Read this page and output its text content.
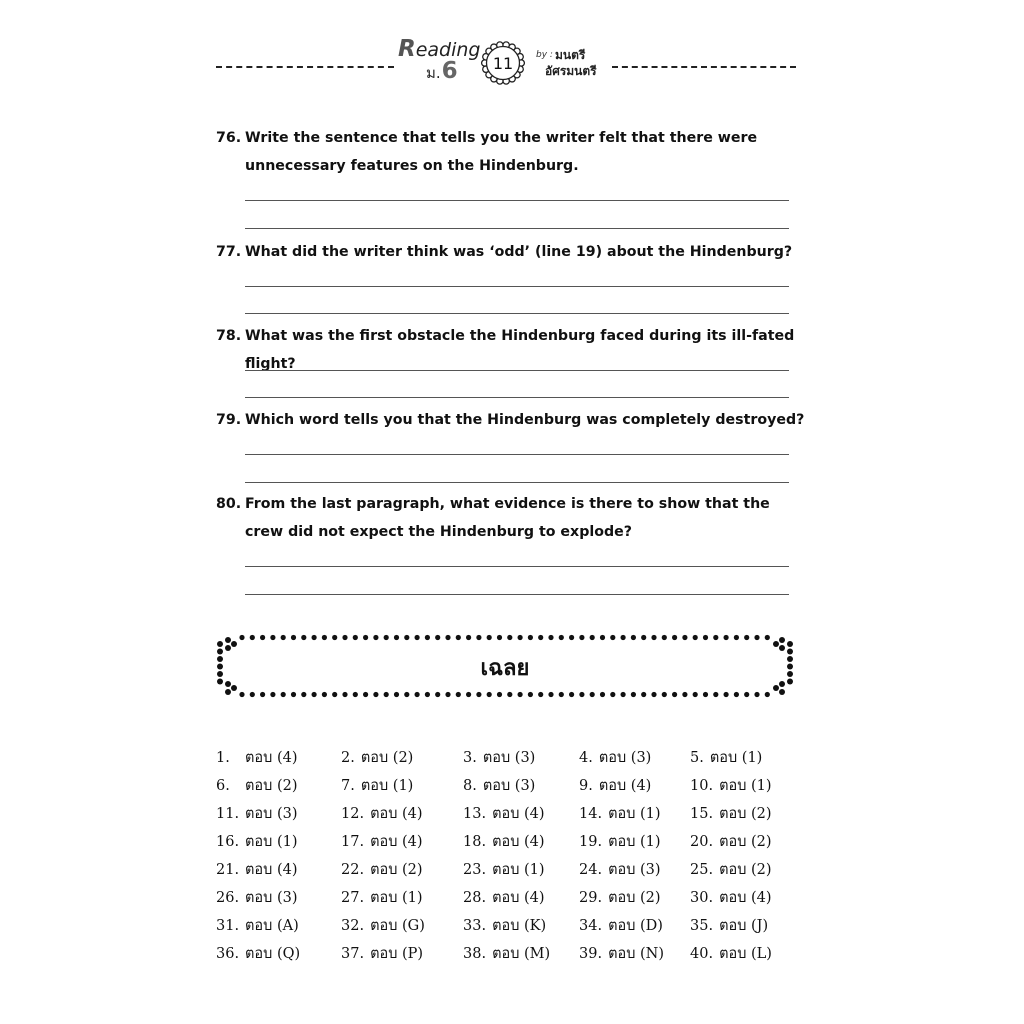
Reading
ม.6	11	by : มนตรี
อัศรมนตรี
76. Write the sentence that tells you the writer felt that there were unnecessary features on the Hindenburg.
77. What did the writer think was ‘odd’ (line 19) about the Hindenburg?
78. What was the first obstacle the Hindenburg faced during its ill-fated flight?
79. Which word tells you that the Hindenburg was completely destroyed?
80. From the last paragraph, what evidence is there to show that the crew did not expect the Hindenburg to explode?
เฉลย
1. ตอบ (4)	2. ตอบ (2)	3. ตอบ (3)	4. ตอบ (3)	5. ตอบ (1)
6. ตอบ (2)	7. ตอบ (1)	8. ตอบ (3)	9. ตอบ (4)	10. ตอบ (1)
11. ตอบ (3)	12. ตอบ (4)	13. ตอบ (4) 14. ตอบ (1) 15. ตอบ (2)
16. ตอบ (1)	17. ตอบ (4)	18. ตอบ (4) 19. ตอบ (1) 20. ตอบ (2)
21. ตอบ (4)	22. ตอบ (2)	23. ตอบ (1) 24. ตอบ (3) 25. ตอบ (2)
26. ตอบ (3)	27. ตอบ (1)	28. ตอบ (4) 29. ตอบ (2) 30. ตอบ (4)
31. ตอบ (A)	32. ตอบ (G)	33. ตอบ (K) 34. ตอบ (D) 35. ตอบ (J)
36. ตอบ (Q)	37. ตอบ (P)	38. ตอบ (M) 39. ตอบ (N) 40. ตอบ (L)
